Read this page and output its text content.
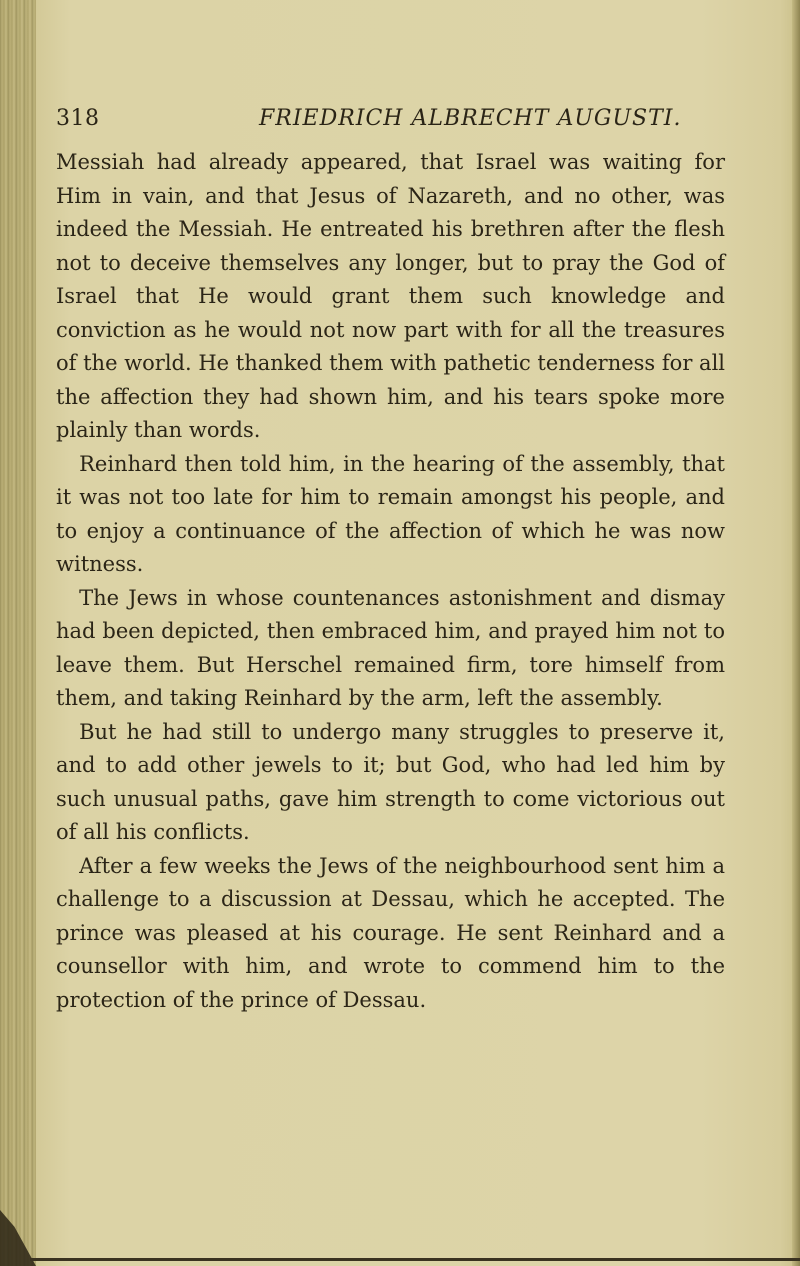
318	FRIEDRICH ALBRECHT AUGUSTI.

Messiah had already appeared, that Israel was waiting for Him in vain, and that Jesus of Nazareth, and no other, was indeed the Messiah. He entreated his brethren after the flesh not to deceive themselves any longer, but to pray the God of Israel that He would grant them such knowledge and conviction as he would not now part with for all the treasures of the world. He thanked them with pathetic tenderness for all the affection they had shown him, and his tears spoke more plainly than words.

Reinhard then told him, in the hearing of the assembly, that it was not too late for him to remain amongst his people, and to enjoy a continuance of the affection of which he was now witness.

The Jews in whose countenances astonishment and dismay had been depicted, then embraced him, and prayed him not to leave them. But Herschel remained firm, tore himself from them, and taking Reinhard by the arm, left the assembly.

But he had still to undergo many struggles to preserve it, and to add other jewels to it; but God, who had led him by such unusual paths, gave him strength to come victorious out of all his conflicts.

After a few weeks the Jews of the neighbourhood sent him a challenge to a discussion at Dessau, which he accepted. The prince was pleased at his courage. He sent Reinhard and a counsellor with him, and wrote to commend him to the protection of the prince of Dessau.
